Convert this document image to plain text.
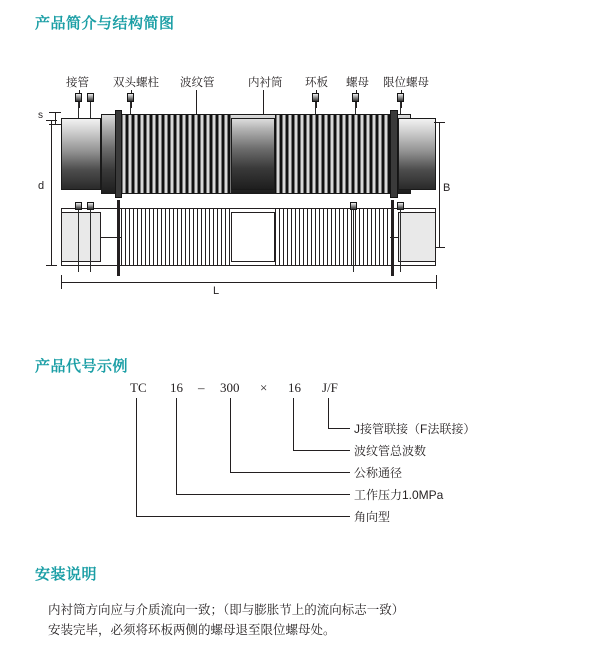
产品简介与结构简图
产品代号示例
安装说明
接管 双头螺柱 波纹管	内衬筒 环板 螺母 限位螺母
s
d	B
L
TC 16 – 300 × 16 J/F
J接管联接（F法联接）
波纹管总波数
公称通径
工作压力1.0MPa
角向型
内衬筒方向应与介质流向一致；（即与膨胀节上的流向标志一致）
安装完毕，必须将环板两侧的螺母退至限位螺母处。
